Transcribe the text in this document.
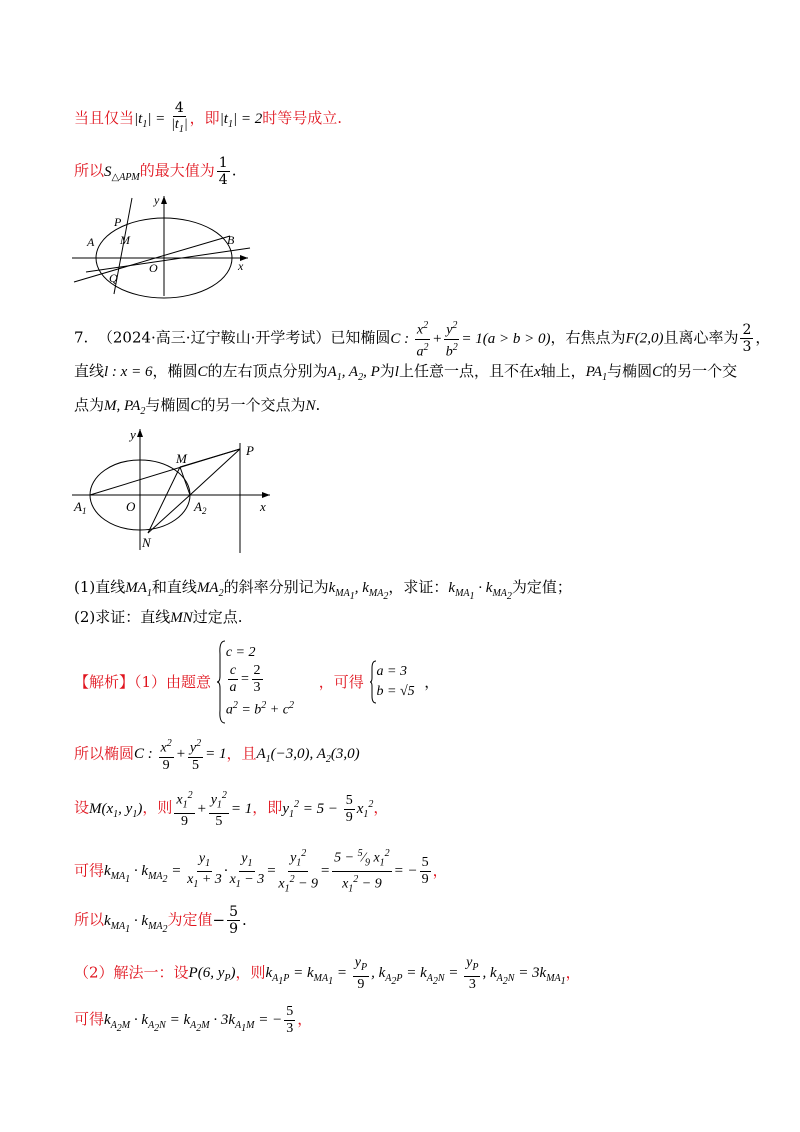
当且仅当$|t_1| = \frac{4}{|t_1|}$ ，即$|t_1| = 2$时等号成立.
所以$S_{\triangle APM}$的最大值为 $\frac{1}{4}$ .
P
M
A	B
O
Q
x
y
7. （2024·高三·辽宁鞍山·开学考试）已知椭圆C : $\frac{x^2}{a^2} + \frac{y^2}{b^2} = 1(a > b > 0)$，右焦点为F(2,0)且离心率为 $\frac{2}{3}$ ，
直线l : x = 6，椭圆C的左右顶点分别为$A_1$, $A_2$, P为l上任意一点，且不在x轴上，$PA_1$与椭圆C的另一个交
点为M, $PA_2$与椭圆C的另一个交点为N.
y
M
P
$A_1$	O	$A_2$	x
N
(1)直线$MA_1$和直线$MA_2$的斜率分别记为$k_{MA_1}$, $k_{MA_2}$，求证：$k_{MA_1} \cdot k_{MA_2}$为定值；
(2)求证：直线MN过定点.
【解析】（1）由题意
c = 2
$\frac{c}{a} = \frac{2}{3}$
$a^2 = b^2 + c^2$
，可得
a = 3
b = √5
，
所以椭圆C : $\frac{x^2}{9} + \frac{y^2}{5} = 1$，且$A_1(-3,0)$, $A_2(3,0)$
设$M(x_1$, $y_1$)，则 $\frac{x_1^2}{9} + \frac{y_1^2}{5} = 1$，即$y_1^2 = 5 - \frac{5}{9} x_1^2$，
可得$k_{MA_1} \cdot k_{MA_2} = \frac{y_1}{x_1 + 3} \cdot \frac{y_1}{x_1 - 3} = \frac{y_1^2}{x_1^2 - 9} = \frac{5 - ^5⁄_9 x_1^2}{x_1^2 - 9}$ = − $\frac{5}{9}$ ，
所以$k_{MA_1} \cdot k_{MA_2}$为定值− $\frac{5}{9}$ .
（2）解法一：设P(6, $y_P$)，则$k_{A_1P} = k_{MA_1} = \frac{y_P}{9}$ , $k_{A_2P} = k_{A_2N} = \frac{y_P}{3}$ , $k_{A_2N} = 3k_{MA_1}$，
可得$k_{A_2M} \cdot k_{A_2N} = k_{A_2M} \cdot 3k_{A_1M}$ = − $\frac{5}{3}$ ，
